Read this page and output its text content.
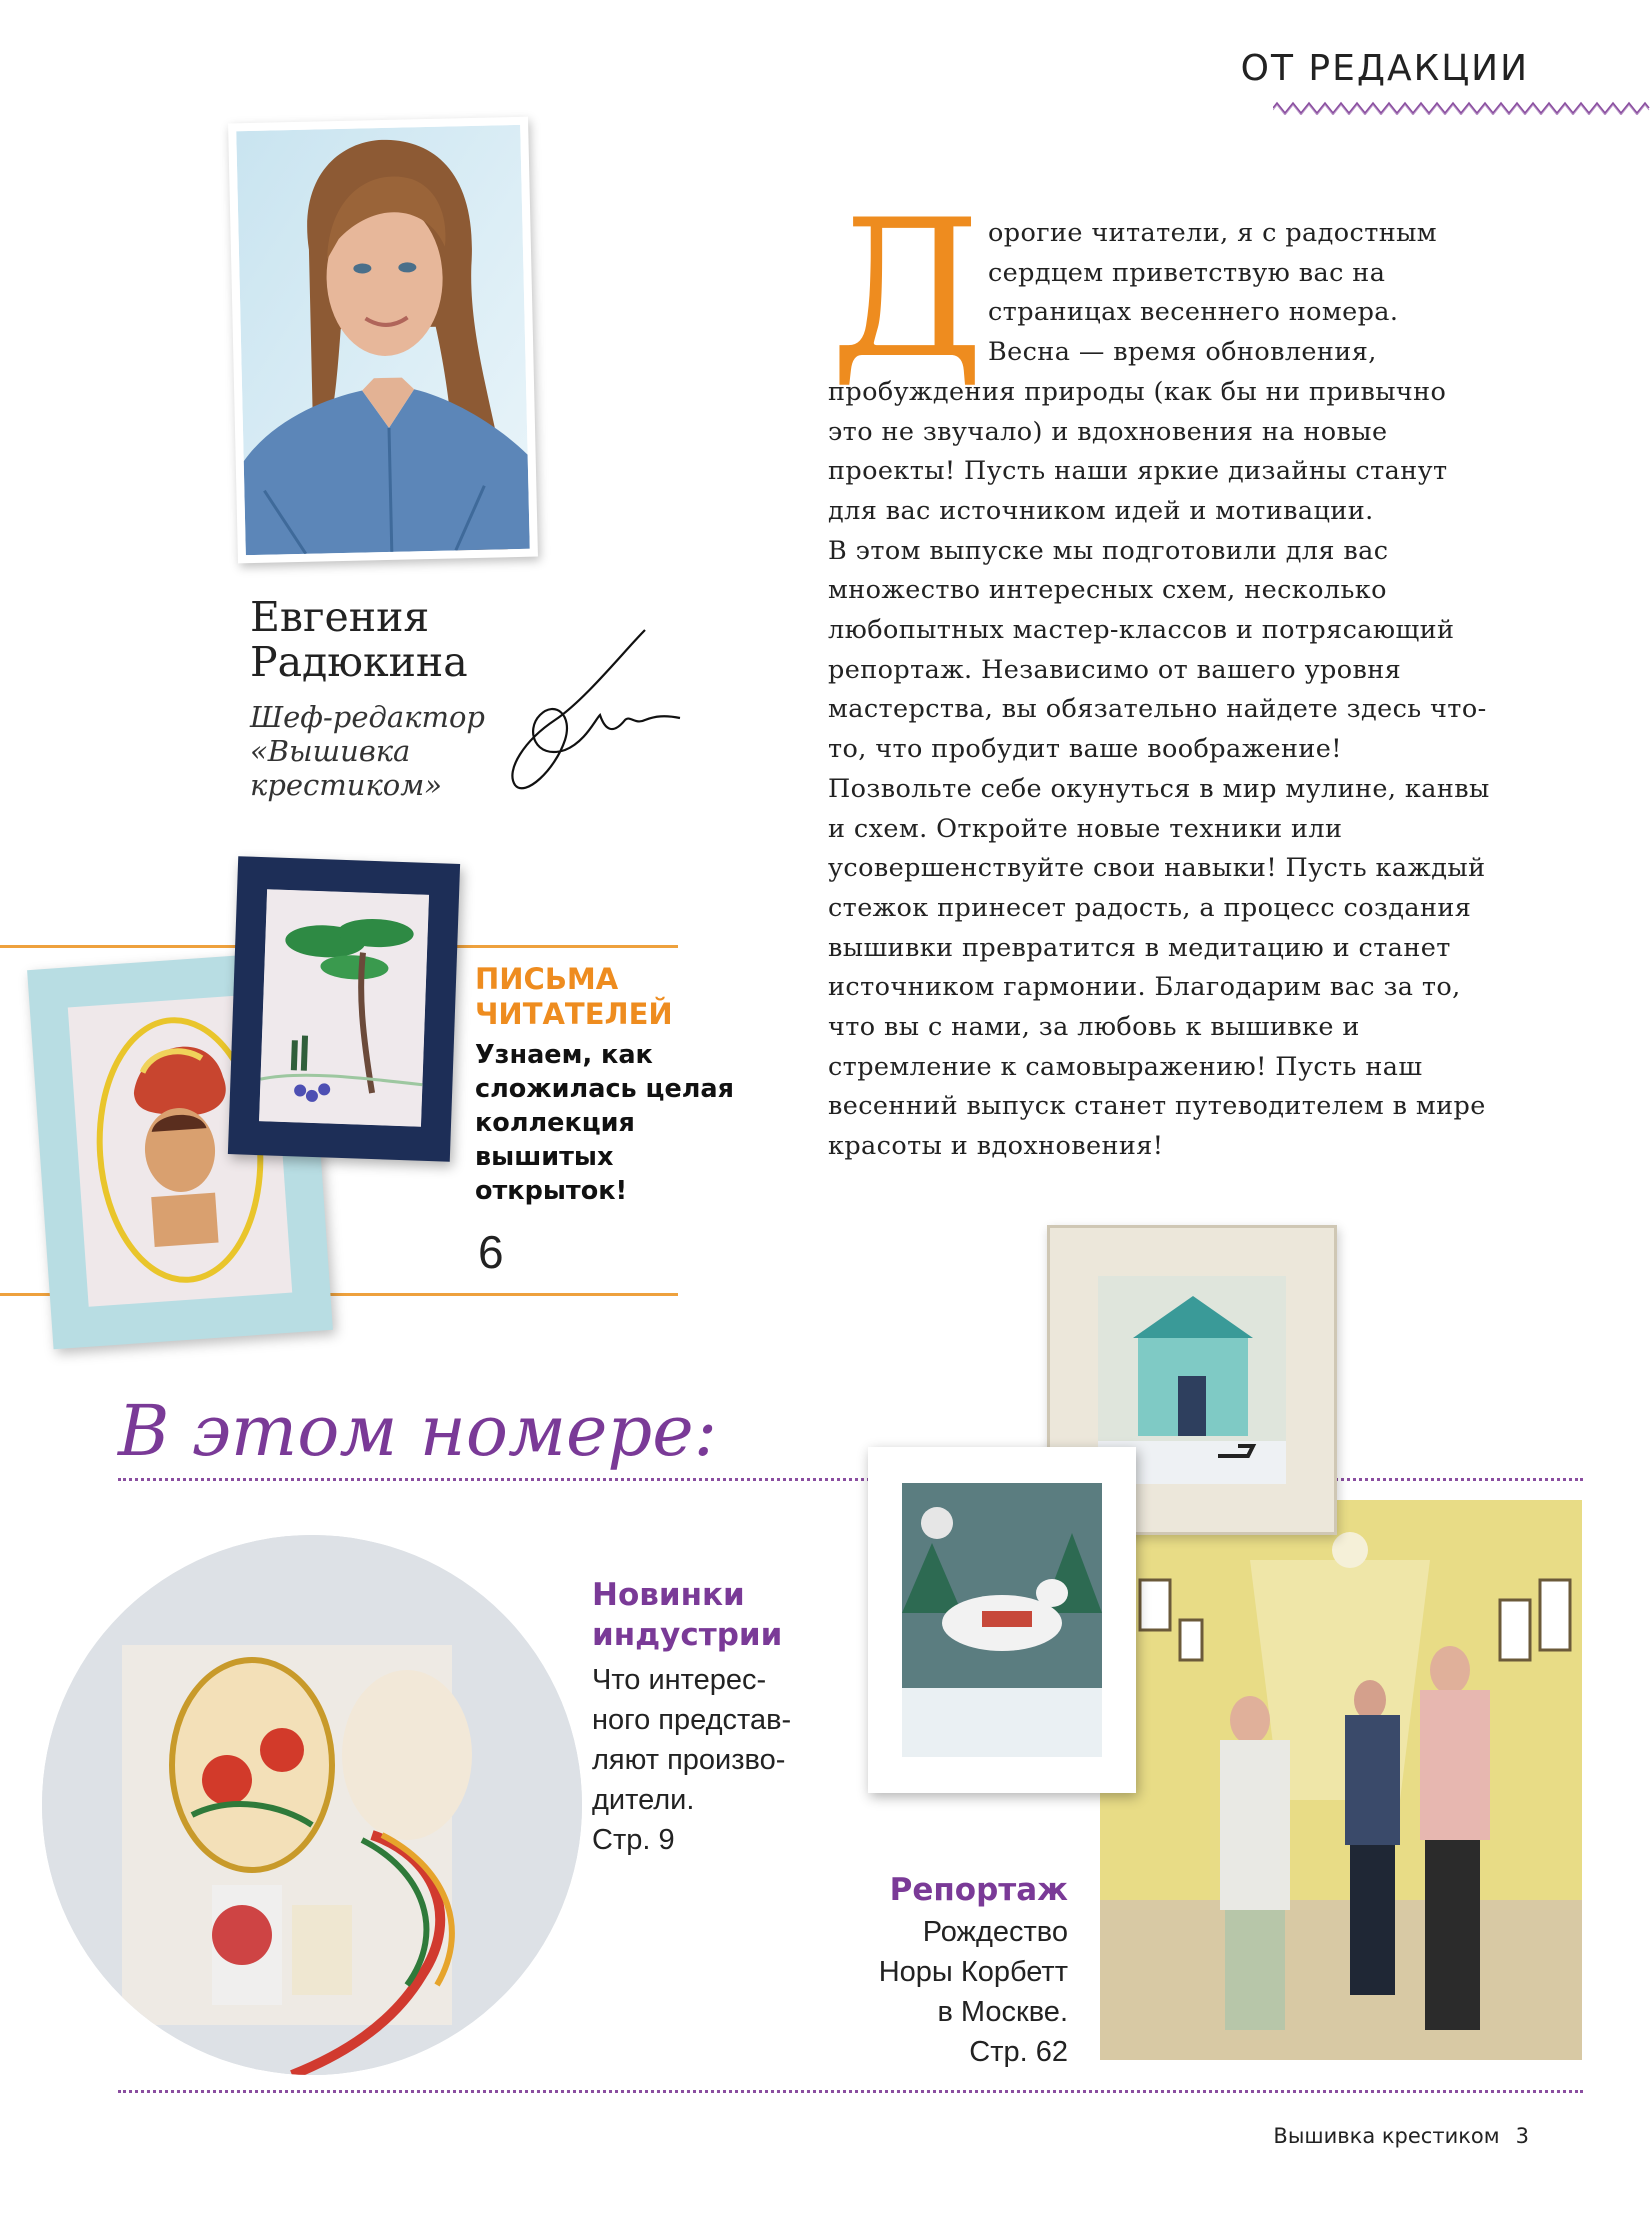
ОТ РЕДАКЦИИ
Евгения
Радюкина
Шеф-редактор
«Вышивка
крестиком»
Д орогие читатели, я с радостным

сердцем приветствую вас на

страницах весеннего номера.

Весна — время обновления,

пробуждения природы (как бы ни привычно это не звучало) и вдохновения на новые проекты! Пусть наши яркие дизайны станут для вас источником идей и мотивации.

В этом выпуске мы подготовили для вас множество интересных схем, несколько любопытных мастер-классов и потрясающий репортаж. Независимо от вашего уровня мастерства, вы обязательно найдете здесь что-то, что пробудит ваше воображение! Позвольте себе окунуться в мир мулине, канвы и схем. Откройте новые техники или усовершенствуйте свои навыки! Пусть каждый стежок принесет радость, а процесс создания вышивки превратится в медитацию и станет источником гармонии. Благодарим вас за то, что вы с нами, за любовь к вышивке и стремление к самовыражению! Пусть наш весенний выпуск станет путеводителем в мире красоты и вдохновения!

ПИСЬМА
ЧИТАТЕЛЕЙ
Узнаем, как
сложилась целая
коллекция
вышитых
открыток!
6
В этом номере:
Новинки
индустрии
Что интерес-
ного представ-
ляют произво-
дители.
Стр. 9
Репортаж
Рождество
Норы Корбетт
в Москве.
Стр. 62
Вышивка крестиком 3
